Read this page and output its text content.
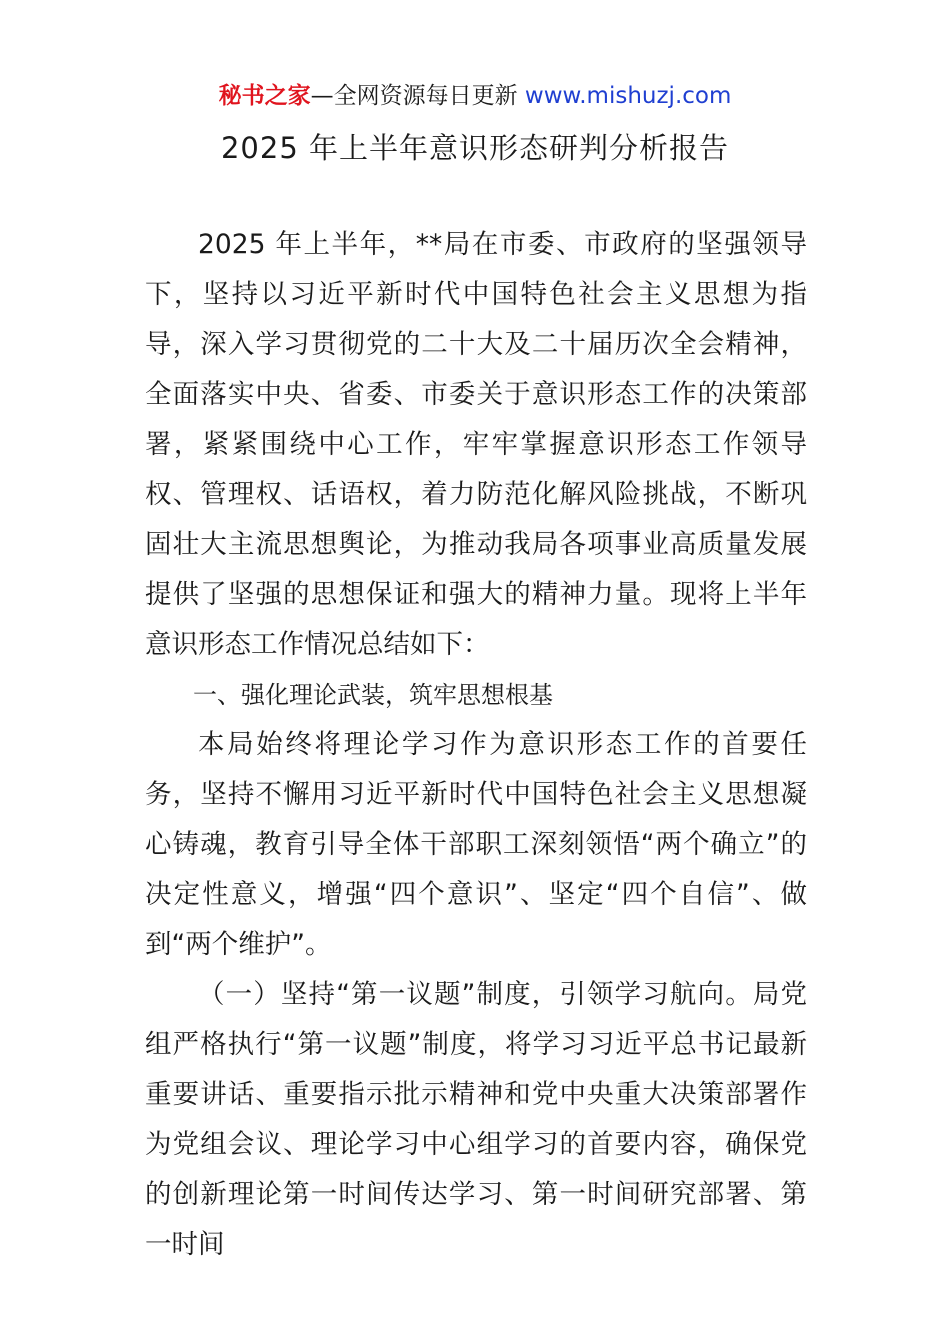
秘书之家—全网资源每日更新 www.mishuzj.com
2025 年上半年意识形态研判分析报告

2025 年上半年，**局在市委、市政府的坚强领导下，坚持以习近平新时代中国特色社会主义思想为指导，深入学习贯彻党的二十大及二十届历次全会精神，全面落实中央、省委、市委关于意识形态工作的决策部署，紧紧围绕中心工作，牢牢掌握意识形态工作领导权、管理权、话语权，着力防范化解风险挑战，不断巩固壮大主流思想舆论，为推动我局各项事业高质量发展提供了坚强的思想保证和强大的精神力量。现将上半年意识形态工作情况总结如下：

一、强化理论武装，筑牢思想根基

本局始终将理论学习作为意识形态工作的首要任务，坚持不懈用习近平新时代中国特色社会主义思想凝心铸魂，教育引导全体干部职工深刻领悟“两个确立”的决定性意义，增强“四个意识”、坚定“四个自信”、做到“两个维护”。

（一）坚持“第一议题”制度，引领学习航向。局党组严格执行“第一议题”制度，将学习习近平总书记最新重要讲话、重要指示批示精神和党中央重大决策部署作为党组会议、理论学习中心组学习的首要内容，确保党的创新理论第一时间传达学习、第一时间研究部署、第一时间
